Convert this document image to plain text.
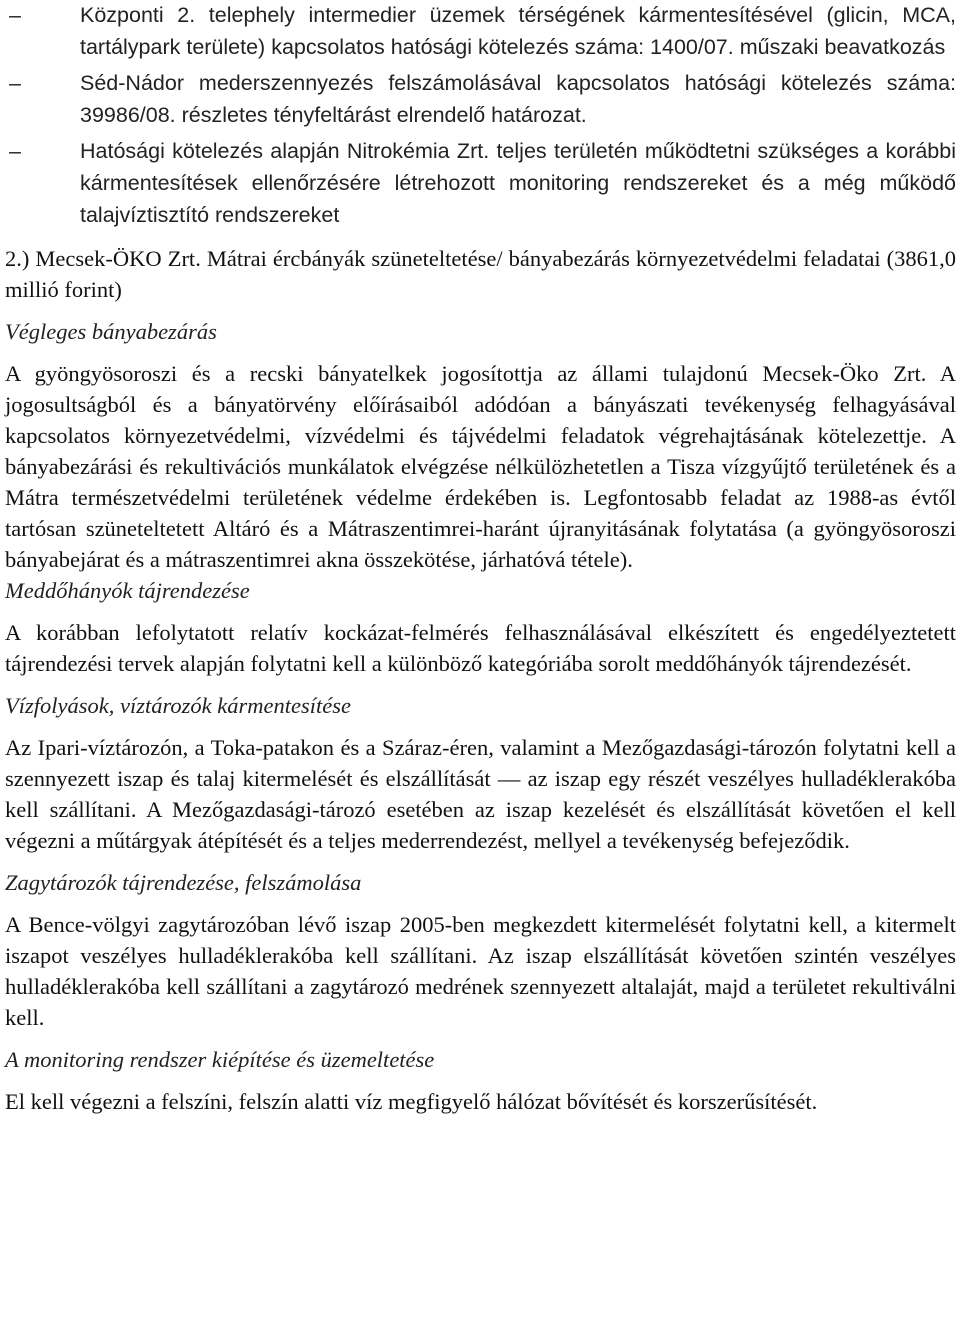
–	Központi 2. telephely intermedier üzemek térségének kármentesítésével (glicin, MCA, tartálypark területe) kapcsolatos hatósági kötelezés száma: 1400/07. műszaki beavatkozás
–	Séd-Nádor mederszennyezés felszámolásával kapcsolatos hatósági kötelezés száma: 39986/08. részletes tényfeltárást elrendelő határozat.
–	Hatósági kötelezés alapján Nitrokémia Zrt. teljes területén működtetni szükséges a korábbi kármentesítések ellenőrzésére létrehozott monitoring rendszereket és a még működő talajvíztisztító rendszereket

2.) Mecsek-ÖKO Zrt. Mátrai ércbányák szüneteltetése/ bányabezárás környezetvédelmi feladatai (3861,0 millió forint)

Végleges bányabezárás

A gyöngyösoroszi és a recski bányatelkek jogosítottja az állami tulajdonú Mecsek-Öko Zrt. A jogosultságból és a bányatörvény előírásaiból adódóan a bányászati tevékenység felhagyásával kapcsolatos környezetvédelmi, vízvédelmi és tájvédelmi feladatok végrehajtásának kötelezettje. A bányabezárási és rekultivációs munkálatok elvégzése nélkülözhetetlen a Tisza vízgyűjtő területének és a Mátra természetvédelmi területének védelme érdekében is. Legfontosabb feladat az 1988-as évtől tartósan szüneteltetett Altáró és a Mátraszentimrei-haránt újranyitásának folytatása (a gyöngyösoroszi bányabejárat és a mátraszentimrei akna összekötése, járhatóvá tétele).

Meddőhányók tájrendezése

A korábban lefolytatott relatív kockázat-felmérés felhasználásával elkészített és engedélyeztetett tájrendezési tervek alapján folytatni kell a különböző kategóriába sorolt meddőhányók tájrendezését.

Vízfolyások, víztározók kármentesítése

Az Ipari-víztározón, a Toka-patakon és a Száraz-éren, valamint a Mezőgazdasági-tározón folytatni kell a szennyezett iszap és talaj kitermelését és elszállítását — az iszap egy részét veszélyes hulladéklerakóba kell szállítani. A Mezőgazdasági-tározó esetében az iszap kezelését és elszállítását követően el kell végezni a műtárgyak átépítését és a teljes mederrendezést, mellyel a tevékenység befejeződik.

Zagytározók tájrendezése, felszámolása

A Bence-völgyi zagytározóban lévő iszap 2005-ben megkezdett kitermelését folytatni kell, a kitermelt iszapot veszélyes hulladéklerakóba kell szállítani. Az iszap elszállítását követően szintén veszélyes hulladéklerakóba kell szállítani a zagytározó medrének szennyezett altalaját, majd a területet rekultiválni kell.

A monitoring rendszer kiépítése és üzemeltetése

El kell végezni a felszíni, felszín alatti víz megfigyelő hálózat bővítését és korszerűsítését.
